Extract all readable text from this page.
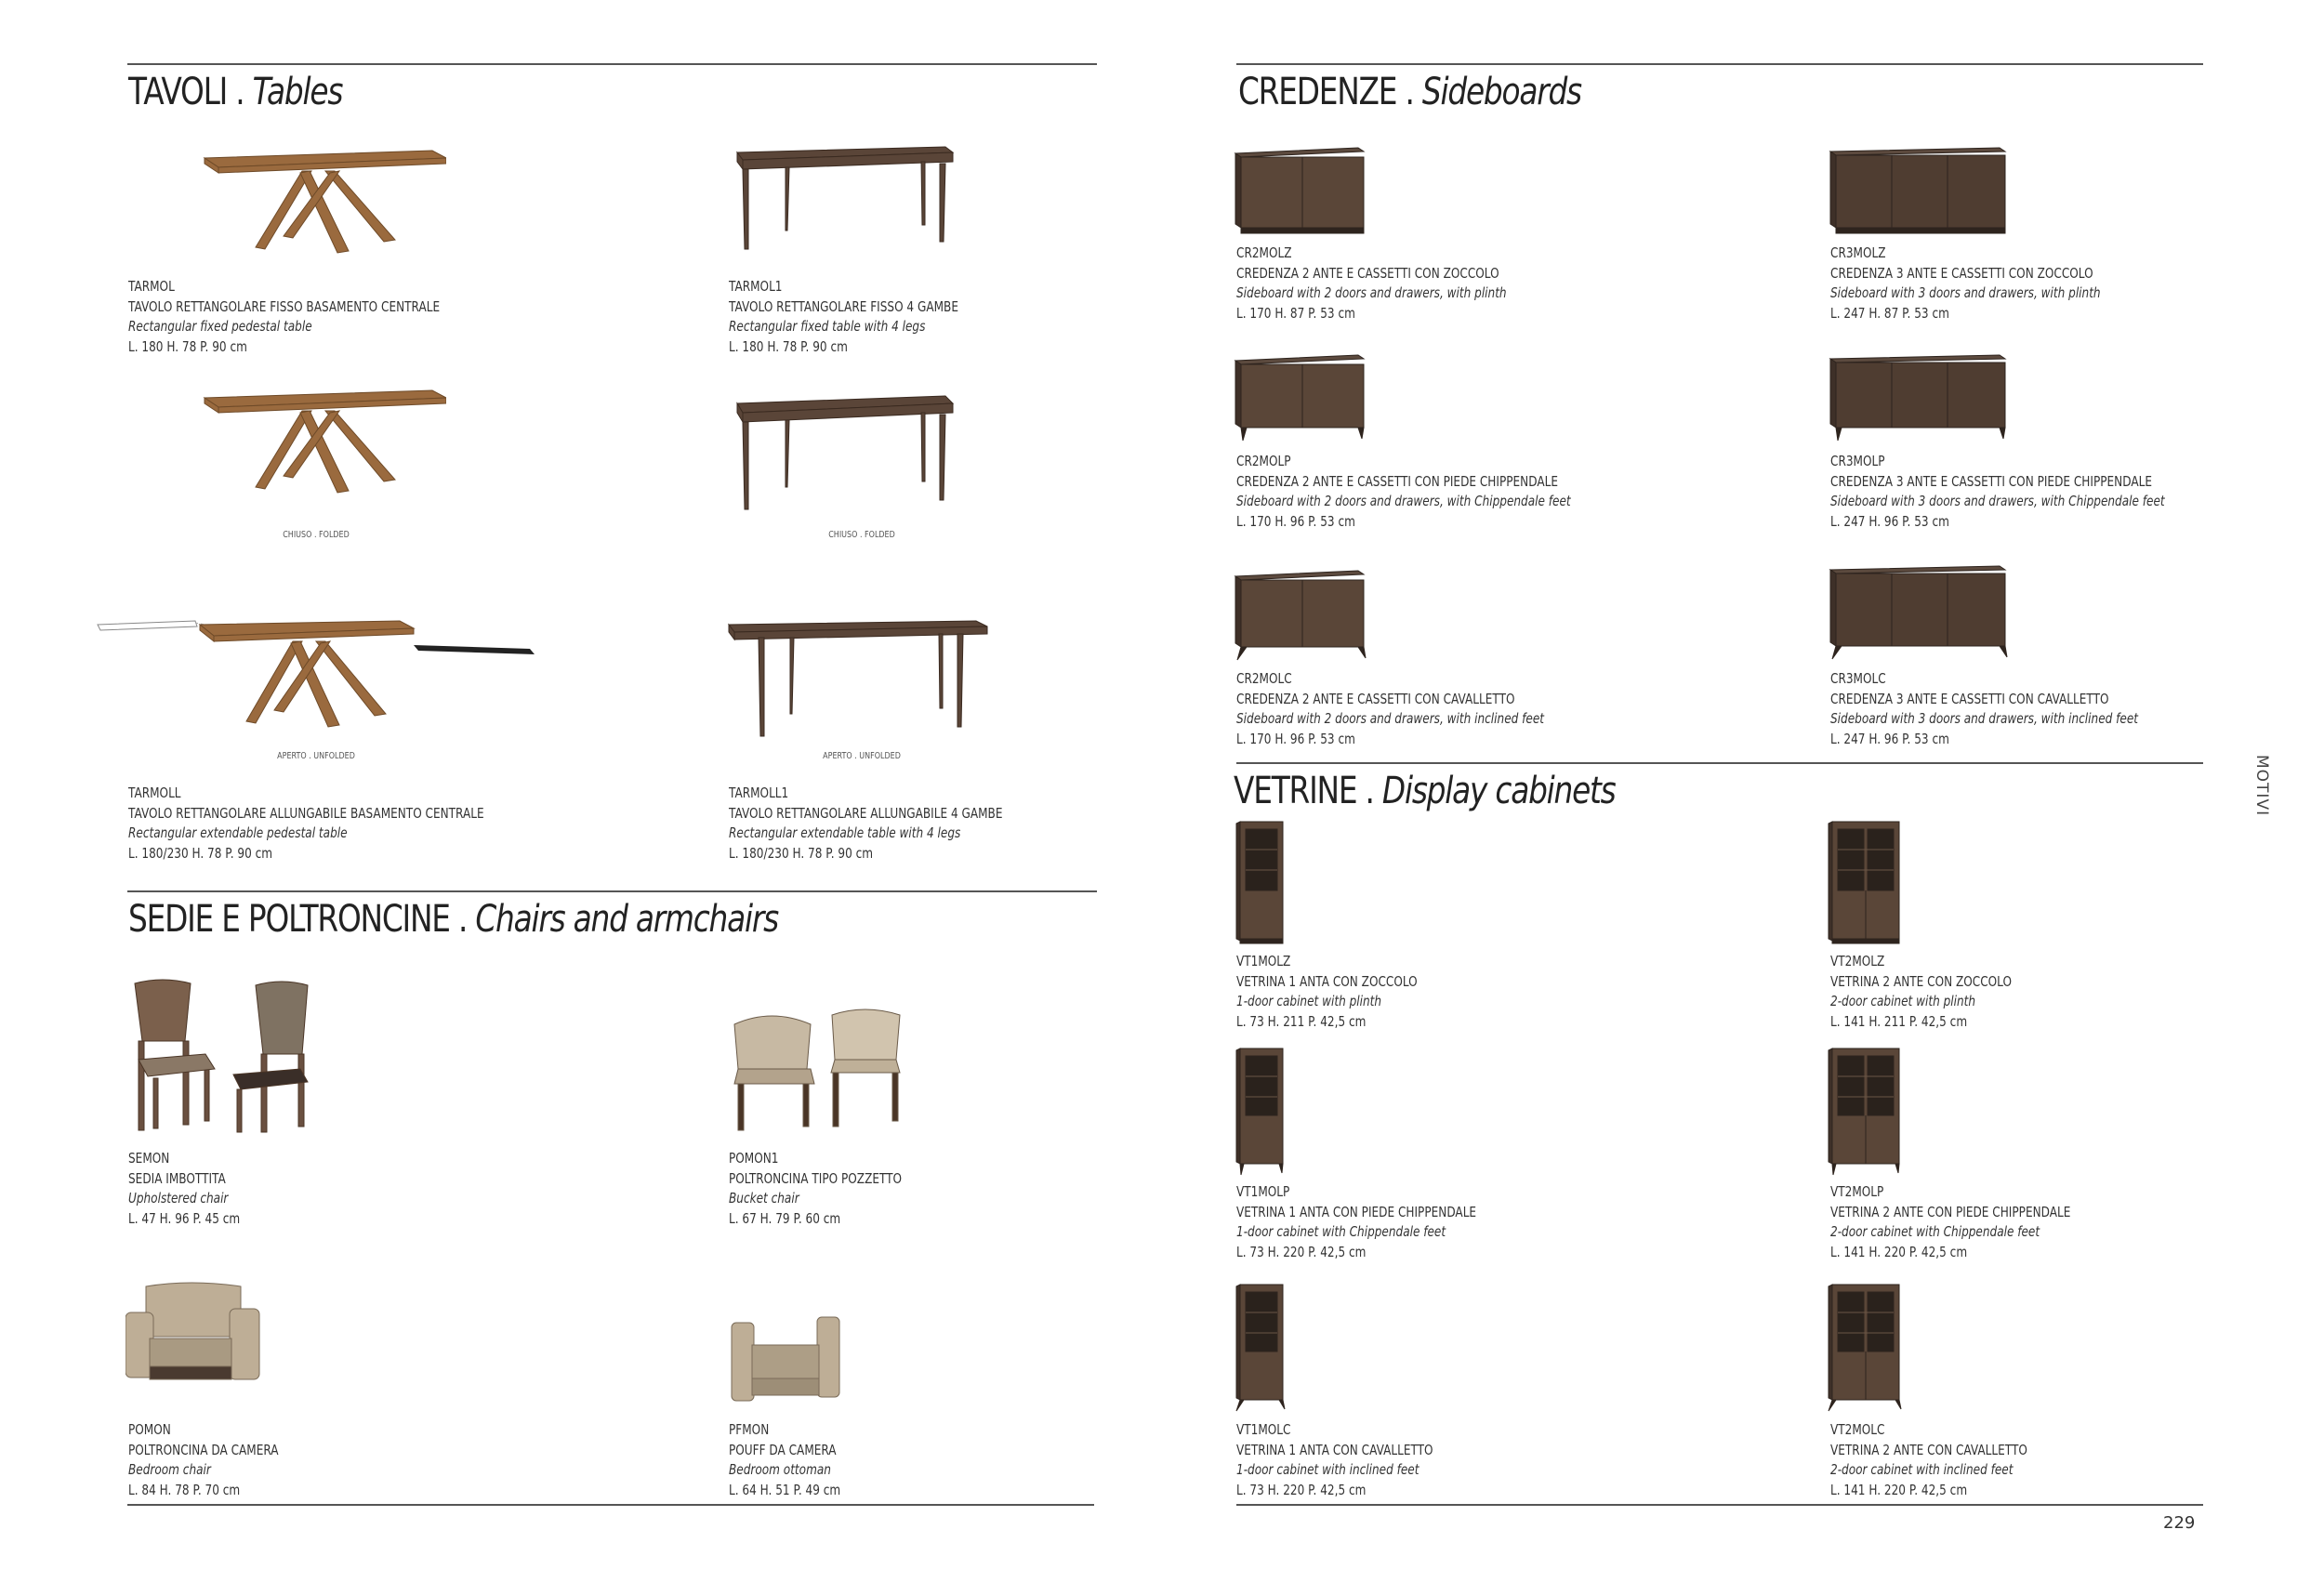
TAVOLI . Tables
SEDIE E POLTRONCINE . Chairs and armchairs
CREDENZE . Sideboards
VETRINE . Display cabinets
CHIUSO . FOLDED	CHIUSO . FOLDED
APERTO . UNFOLDED	APERTO . UNFOLDED
TARMOL
TAVOLO RETTANGOLARE FISSO BASAMENTO CENTRALE
Rectangular fixed pedestal table
L. 180 H. 78 P. 90 cm
TARMOL1
TAVOLO RETTANGOLARE FISSO 4 GAMBE
Rectangular fixed table with 4 legs
L. 180 H. 78 P. 90 cm
TARMOLL
TAVOLO RETTANGOLARE ALLUNGABILE BASAMENTO CENTRALE
Rectangular extendable pedestal table
L. 180/230 H. 78 P. 90 cm
TARMOLL1
TAVOLO RETTANGOLARE ALLUNGABILE 4 GAMBE
Rectangular extendable table with 4 legs
L. 180/230 H. 78 P. 90 cm
SEMON
SEDIA IMBOTTITA
Upholstered chair
L. 47 H. 96 P. 45 cm
POMON1
POLTRONCINA TIPO POZZETTO
Bucket chair
L. 67 H. 79 P. 60 cm
POMON
POLTRONCINA DA CAMERA
Bedroom chair
L. 84 H. 78 P. 70 cm
PFMON
POUFF DA CAMERA
Bedroom ottoman
L. 64 H. 51 P. 49 cm
CR2MOLZ
CREDENZA 2 ANTE E CASSETTI CON ZOCCOLO
Sideboard with 2 doors and drawers, with plinth
L. 170 H. 87 P. 53 cm
CR3MOLZ
CREDENZA 3 ANTE E CASSETTI CON ZOCCOLO
Sideboard with 3 doors and drawers, with plinth
L. 247 H. 87 P. 53 cm
CR2MOLP
CREDENZA 2 ANTE E CASSETTI CON PIEDE CHIPPENDALE
Sideboard with 2 doors and drawers, with Chippendale feet
L. 170 H. 96 P. 53 cm
CR3MOLP
CREDENZA 3 ANTE E CASSETTI CON PIEDE CHIPPENDALE
Sideboard with 3 doors and drawers, with Chippendale feet
L. 247 H. 96 P. 53 cm
CR2MOLC
CREDENZA 2 ANTE E CASSETTI CON CAVALLETTO
Sideboard with 2 doors and drawers, with inclined feet
L. 170 H. 96 P. 53 cm
CR3MOLC
CREDENZA 3 ANTE E CASSETTI CON CAVALLETTO
Sideboard with 3 doors and drawers, with inclined feet
L. 247 H. 96 P. 53 cm
VT1MOLZ
VETRINA 1 ANTA CON ZOCCOLO
1-door cabinet with plinth
L. 73 H. 211 P. 42,5 cm
VT2MOLZ
VETRINA 2 ANTE CON ZOCCOLO
2-door cabinet with plinth
L. 141 H. 211 P. 42,5 cm
VT1MOLP
VETRINA 1 ANTA CON PIEDE CHIPPENDALE
1-door cabinet with Chippendale feet
L. 73 H. 220 P. 42,5 cm
VT2MOLP
VETRINA 2 ANTE CON PIEDE CHIPPENDALE
2-door cabinet with Chippendale feet
L. 141 H. 220 P. 42,5 cm
VT1MOLC
VETRINA 1 ANTA CON CAVALLETTO
1-door cabinet with inclined feet
L. 73 H. 220 P. 42,5 cm
VT2MOLC
VETRINA 2 ANTE CON CAVALLETTO
2-door cabinet with inclined feet
L. 141 H. 220 P. 42,5 cm
MOTIVI
229
